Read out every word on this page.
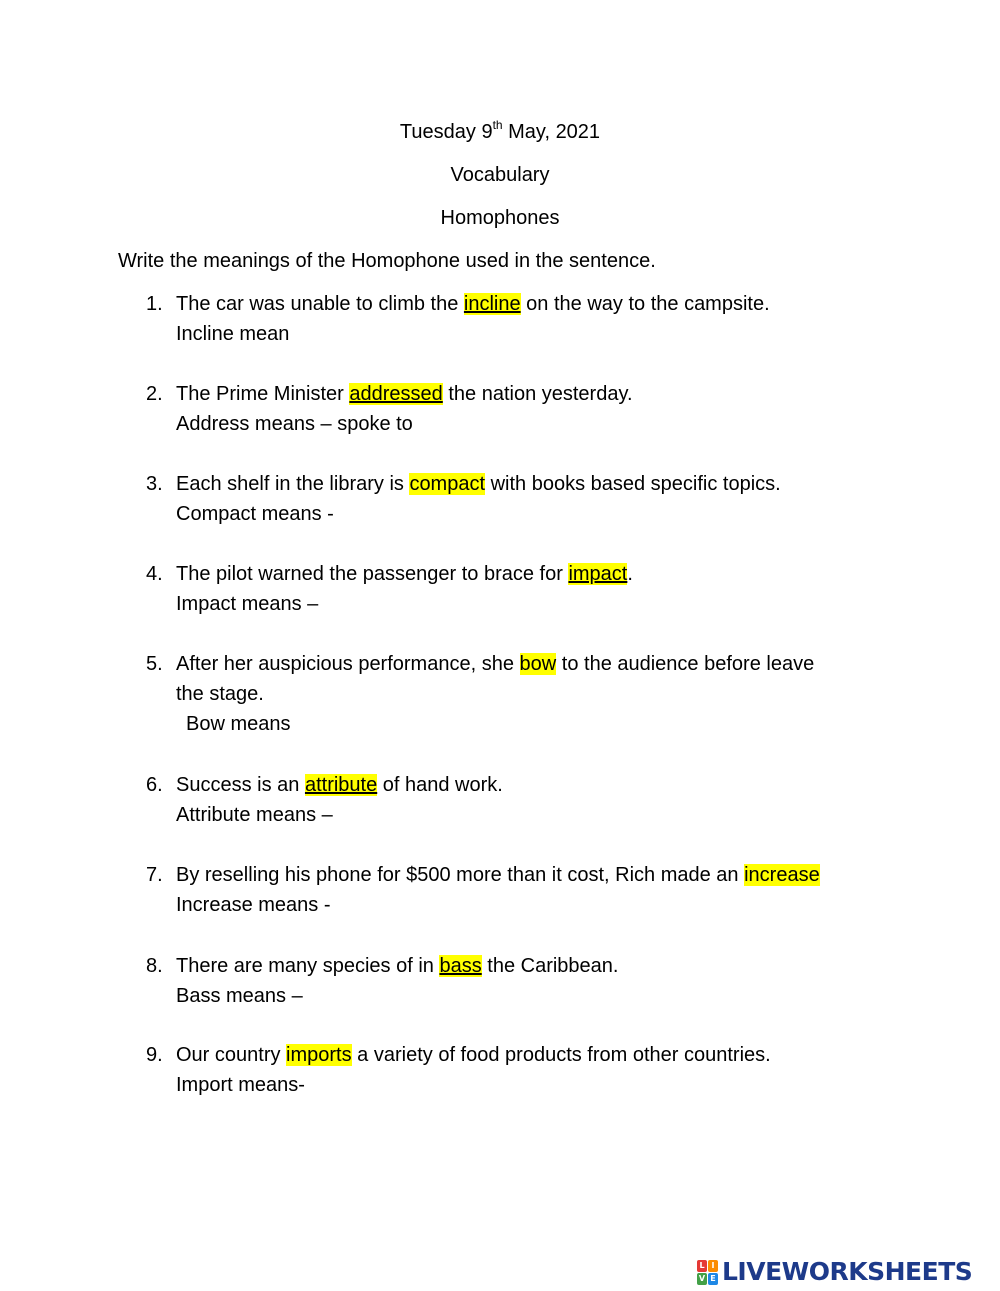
Tuesday 9th May, 2021
Vocabulary
Homophones
Write the meanings of the Homophone used in the sentence.
1. The car was unable to climb the incline on the way to the campsite.
Incline mean
2. The Prime Minister addressed the nation yesterday.
Address means – spoke to
3. Each shelf in the library is compact with books based specific topics.
Compact means -
4. The pilot warned the passenger to brace for impact.
Impact means –
5. After her auspicious performance, she bow to the audience before leave
the stage.
Bow means
6. Success is an attribute of hand work.
Attribute means –
7. By reselling his phone for $500 more than it cost, Rich made an increase
Increase means -
8. There are many species of in bass the Caribbean.
Bass means –
9. Our country imports a variety of food products from other countries.
Import means-
L I
V E LIVEWORKSHEETS
